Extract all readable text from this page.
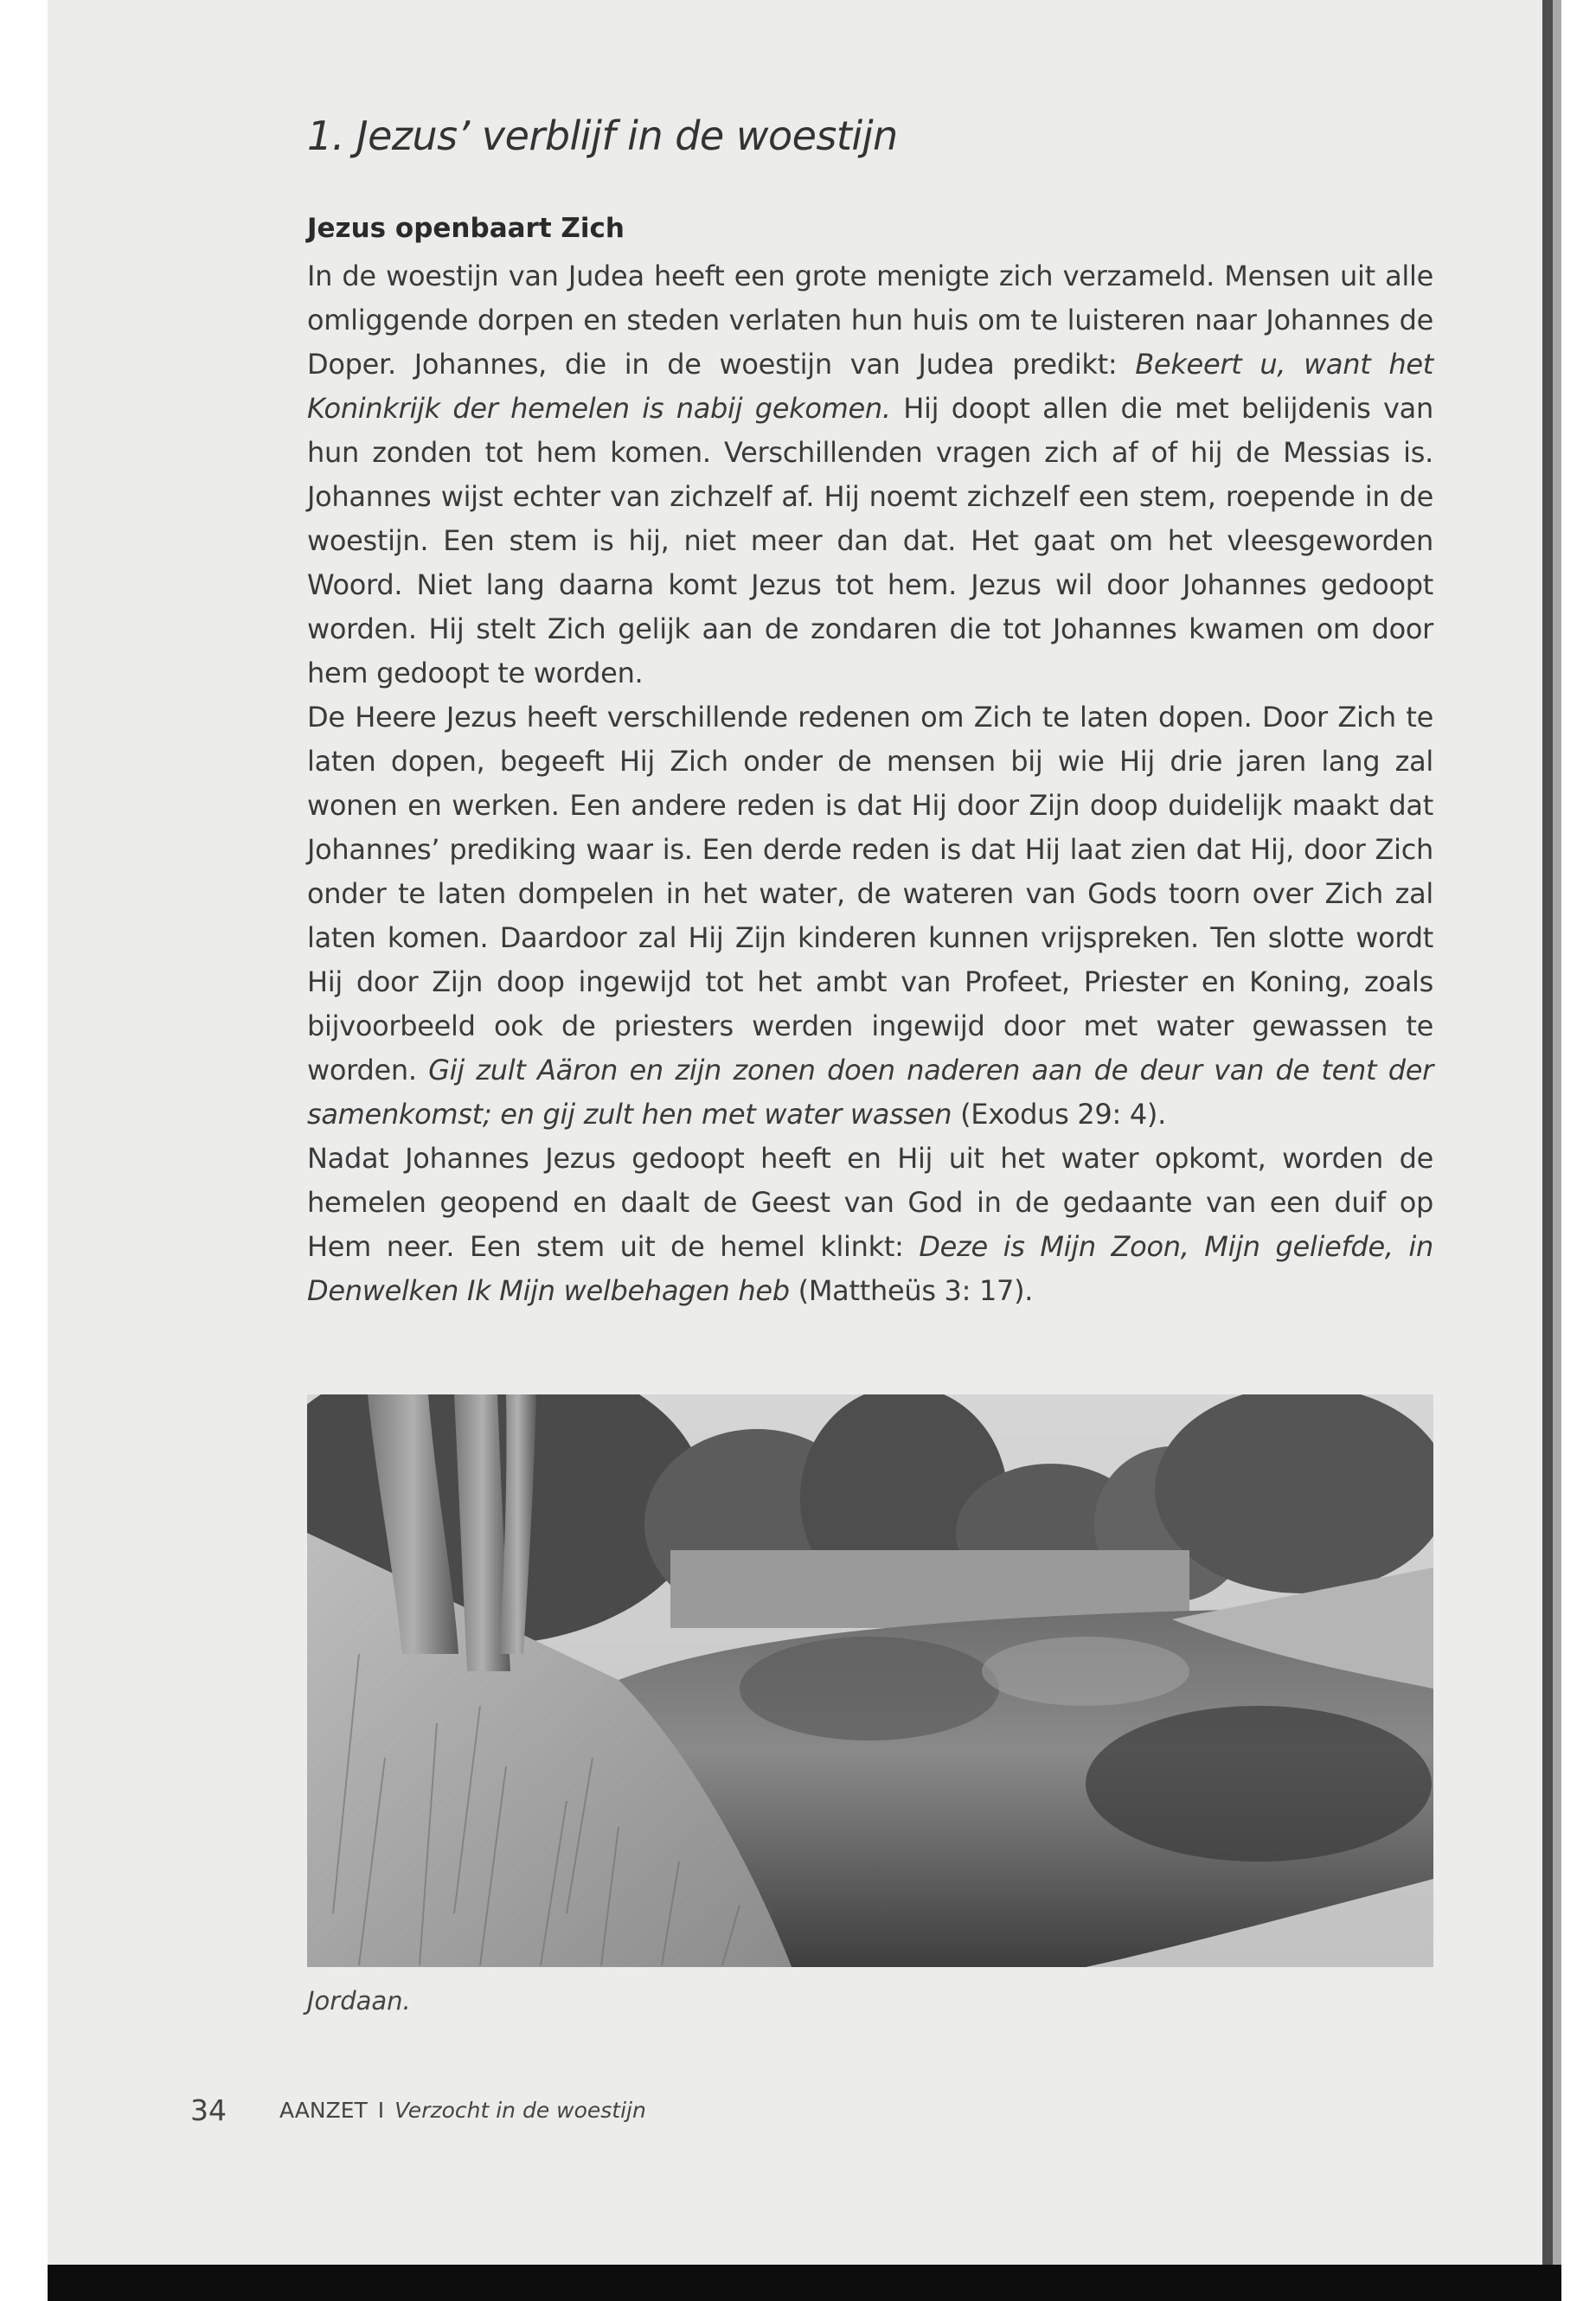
1. Jezus’ verblijf in de woestijn
Jezus openbaart Zich

In de woestijn van Judea heeft een grote menigte zich verzameld. Mensen uit alle omliggende dorpen en steden verlaten hun huis om te luisteren naar Johannes de Doper. Johannes, die in de woestijn van Judea predikt: Bekeert u, want het Koninkrijk der hemelen is nabij gekomen. Hij doopt allen die met belijdenis van hun zonden tot hem komen. Verschillenden vragen zich af of hij de Messias is. Johannes wijst echter van zichzelf af. Hij noemt zichzelf een stem, roepende in de woestijn. Een stem is hij, niet meer dan dat. Het gaat om het vleesgeworden Woord. Niet lang daarna komt Jezus tot hem. Jezus wil door Johannes gedoopt worden. Hij stelt Zich gelijk aan de zondaren die tot Johannes kwamen om door hem gedoopt te worden.

De Heere Jezus heeft verschillende redenen om Zich te laten dopen. Door Zich te laten dopen, begeeft Hij Zich onder de mensen bij wie Hij drie jaren lang zal wonen en werken. Een andere reden is dat Hij door Zijn doop duidelijk maakt dat Johannes’ prediking waar is. Een derde reden is dat Hij laat zien dat Hij, door Zich onder te laten dompelen in het water, de wateren van Gods toorn over Zich zal laten komen. Daardoor zal Hij Zijn kinderen kunnen vrijspreken. Ten slotte wordt Hij door Zijn doop ingewijd tot het ambt van Profeet, Priester en Koning, zoals bijvoorbeeld ook de priesters werden ingewijd door met water gewassen te worden. Gij zult Aäron en zijn zonen doen naderen aan de deur van de tent der samenkomst; en gij zult hen met water wassen (Exodus 29: 4).

Nadat Johannes Jezus gedoopt heeft en Hij uit het water opkomt, worden de hemelen geopend en daalt de Geest van God in de gedaante van een duif op Hem neer. Een stem uit de hemel klinkt: Deze is Mijn Zoon, Mijn geliefde, in Denwelken Ik Mijn welbehagen heb (Mattheüs 3: 17).

Jordaan.
34 AANZET I Verzocht in de woestijn
